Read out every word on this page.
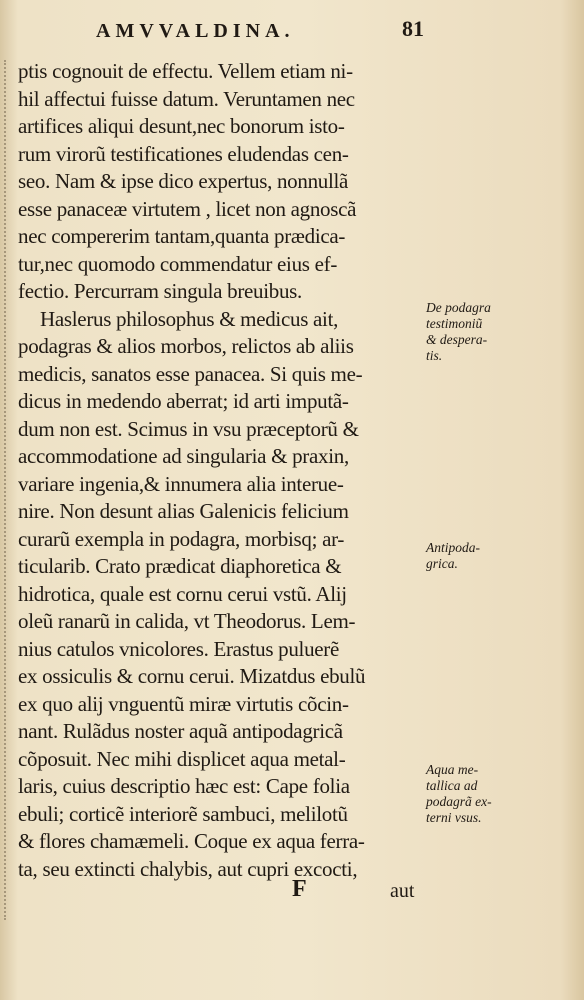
AMVVALDINA.	81
ptis cognouit de effectu. Vellem etiam ni-
hil affectui fuisse datum. Veruntamen nec
artifices aliqui desunt,nec bonorum isto-
rum virorũ testificationes eludendas cen-
seo. Nam & ipse dico expertus, nonnullã
esse panaceæ virtutem , licet non agnoscã
nec compererim tantam,quanta prædica-
tur,nec quomodo commendatur eius ef-
fectio. Percurram singula breuibus.
Haslerus philosophus & medicus ait,
podagras & alios morbos, relictos ab aliis
medicis, sanatos esse panacea. Si quis me-
dicus in medendo aberrat; id arti imputã-
dum non est. Scimus in vsu præceptorũ &
accommodatione ad singularia & praxin,
variare ingenia,& innumera alia interue-
nire. Non desunt alias Galenicis felicium
curarũ exempla in podagra, morbisq; ar-
ticularib. Crato prædicat diaphoretica &
hidrotica, quale est cornu cerui vstũ. Alij
oleũ ranarũ in calida, vt Theodorus. Lem-
nius catulos vnicolores. Erastus puluerẽ
ex ossiculis & cornu cerui. Mizatdus ebulũ
ex quo alij vnguentũ miræ virtutis cõcin-
nant. Rulãdus noster aquã antipodagricã
cõposuit. Nec mihi displicet aqua metal-
laris, cuius descriptio hæc est: Cape folia
ebuli; corticẽ interiorẽ sambuci, melilotũ
& flores chamæmeli. Coque ex aqua ferra-
ta, seu extincti chalybis, aut cupri excocti,
De podagra
testimoniũ
& despera-
tis.
Antipoda-
grica.
Aqua me-
tallica ad
podagrã ex-
terni vsus.
F	aut
